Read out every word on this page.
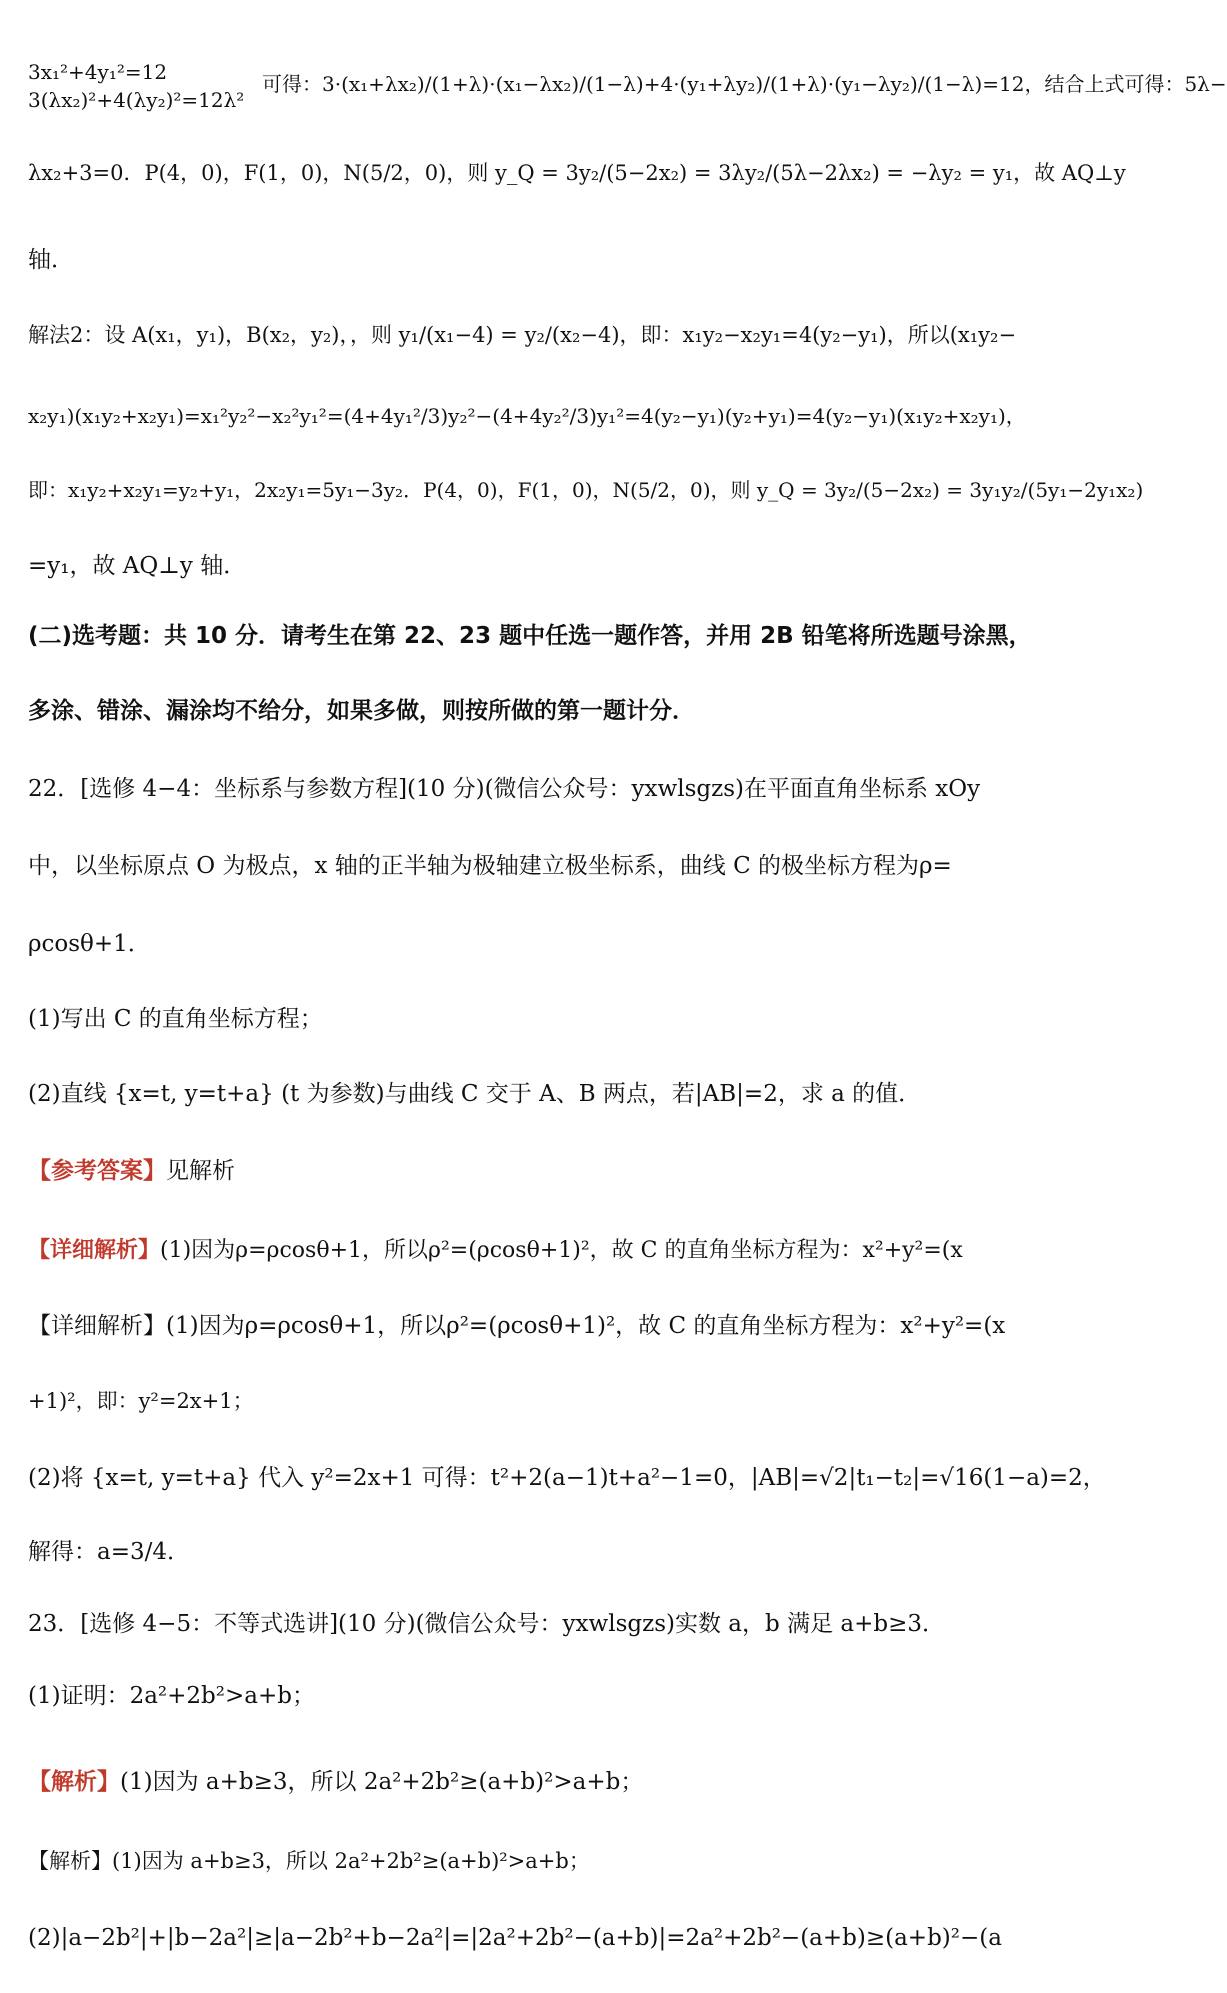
3x₁²+4y₁²=12
3(λx₂)²+4(λy₂)²=12λ²
可得：3·(x₁+λx₂)/(1+λ)·(x₁−λx₂)/(1−λ)+4·(y₁+λy₂)/(1+λ)·(y₁−λy₂)/(1−λ)=12，结合上式可得：5λ−
λx₂+3=0．P(4，0)，F(1，0)，N(5/2，0)，则 y_Q = 3y₂/(5−2x₂) = 3λy₂/(5λ−2λx₂) = −λy₂ = y₁，故 AQ⊥y
轴．
解法2：设 A(x₁，y₁)，B(x₂，y₂)，，则 y₁/(x₁−4) = y₂/(x₂−4)，即：x₁y₂−x₂y₁=4(y₂−y₁)，所以(x₁y₂−
x₂y₁)(x₁y₂+x₂y₁)=x₁²y₂²−x₂²y₁²=(4+4y₁²/3)y₂²−(4+4y₂²/3)y₁²=4(y₂−y₁)(y₂+y₁)=4(y₂−y₁)(x₁y₂+x₂y₁)，
即：x₁y₂+x₂y₁=y₂+y₁，2x₂y₁=5y₁−3y₂．P(4，0)，F(1，0)，N(5/2，0)，则 y_Q = 3y₂/(5−2x₂) = 3y₁y₂/(5y₁−2y₁x₂)
=y₁，故 AQ⊥y 轴．
(二)选考题：共 10 分．请考生在第 22、23 题中任选一题作答，并用 2B 铅笔将所选题号涂黑，
多涂、错涂、漏涂均不给分，如果多做，则按所做的第一题计分．
22．[选修 4−4：坐标系与参数方程](10 分)(微信公众号：yxwlsgzs)在平面直角坐标系 xOy
中，以坐标原点 O 为极点，x 轴的正半轴为极轴建立极坐标系，曲线 C 的极坐标方程为ρ=
ρcosθ+1．
(1)写出 C 的直角坐标方程；
(2)直线 {x=t, y=t+a} (t 为参数)与曲线 C 交于 A、B 两点，若|AB|=2，求 a 的值．
【参考答案】见解析
【详细解析】(1)因为ρ=ρcosθ+1，所以ρ²=(ρcosθ+1)²，故 C 的直角坐标方程为：x²+y²=(x
【详细解析】(1)因为ρ=ρcosθ+1，所以ρ²=(ρcosθ+1)²，故 C 的直角坐标方程为：x²+y²=(x
+1)²，即：y²=2x+1；
(2)将 {x=t, y=t+a} 代入 y²=2x+1 可得：t²+2(a−1)t+a²−1=0，|AB|=√2|t₁−t₂|=√16(1−a)=2，
解得：a=3/4．
23．[选修 4−5：不等式选讲](10 分)(微信公众号：yxwlsgzs)实数 a，b 满足 a+b≥3．
(1)证明：2a²+2b²>a+b；
【解析】(1)因为 a+b≥3，所以 2a²+2b²≥(a+b)²>a+b；
【解析】(1)因为 a+b≥3，所以 2a²+2b²≥(a+b)²>a+b；
(2)|a−2b²|+|b−2a²|≥|a−2b²+b−2a²|=|2a²+2b²−(a+b)|=2a²+2b²−(a+b)≥(a+b)²−(a
